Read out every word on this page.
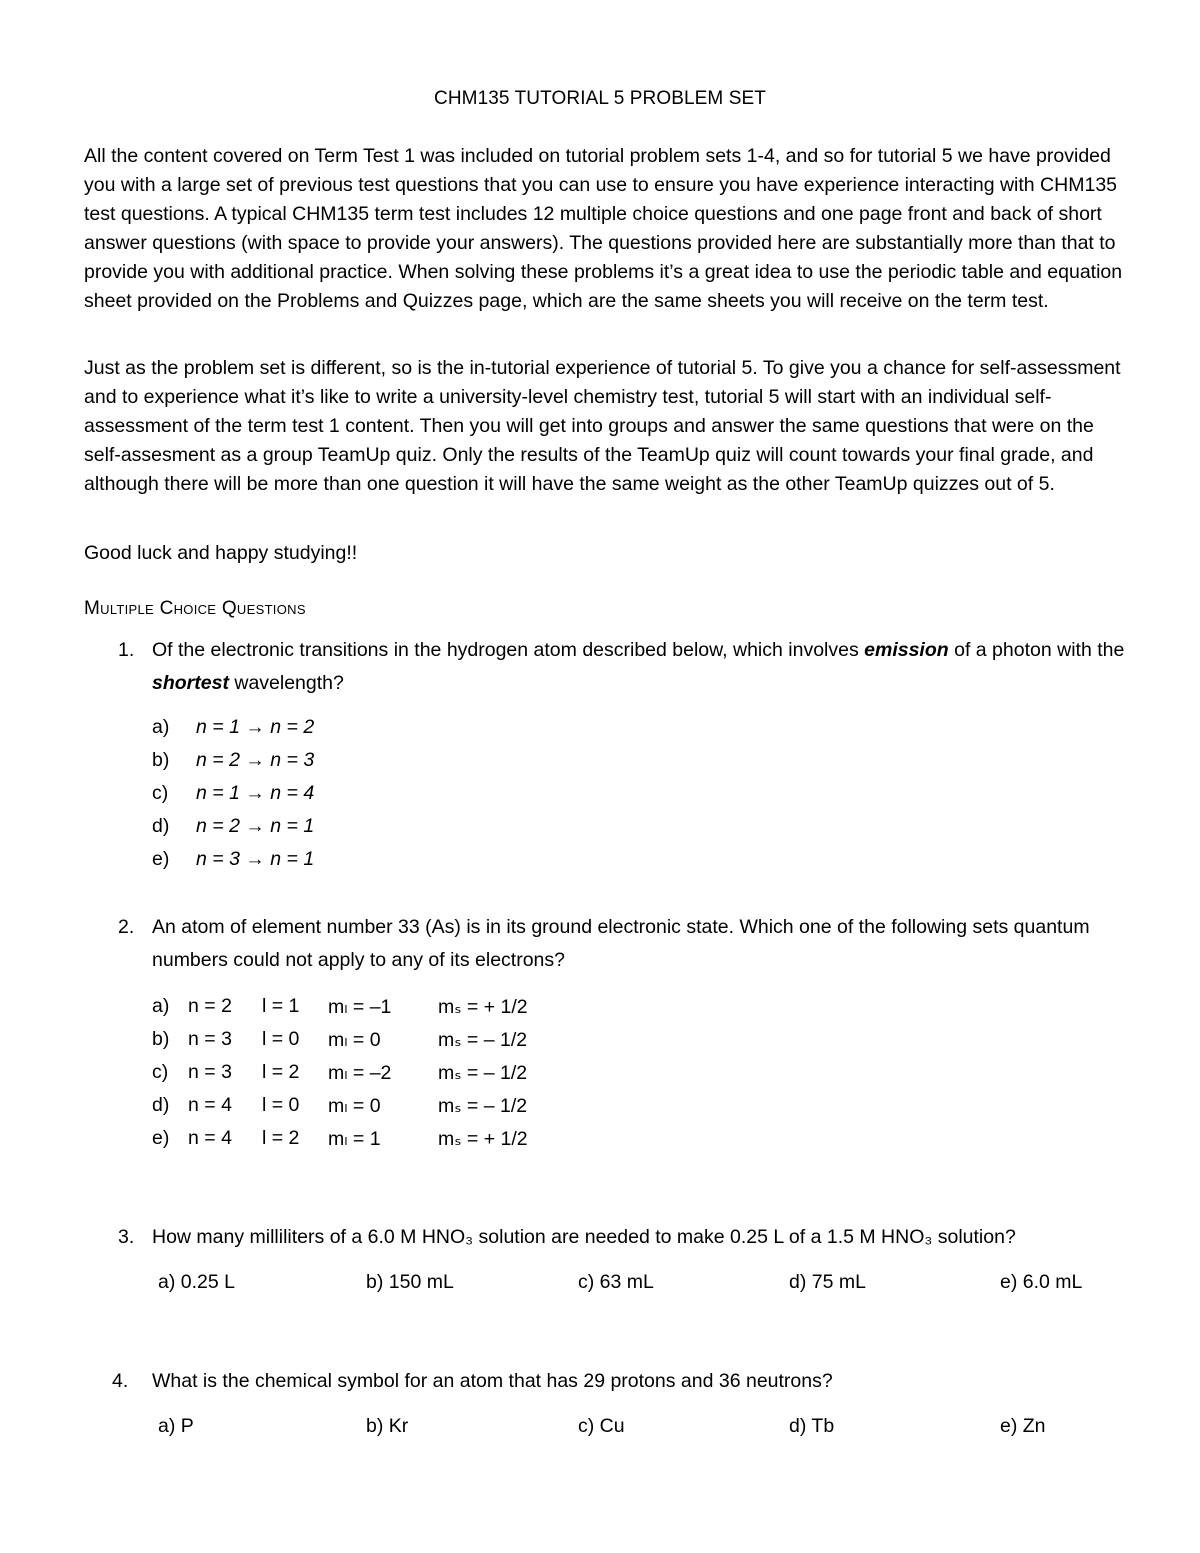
CHM135 TUTORIAL 5 PROBLEM SET

All the content covered on Term Test 1 was included on tutorial problem sets 1-4, and so for tutorial 5 we have provided you with a large set of previous test questions that you can use to ensure you have experience interacting with CHM135 test questions. A typical CHM135 term test includes 12 multiple choice questions and one page front and back of short answer questions (with space to provide your answers). The questions provided here are substantially more than that to provide you with additional practice. When solving these problems it’s a great idea to use the periodic table and equation sheet provided on the Problems and Quizzes page, which are the same sheets you will receive on the term test.

Just as the problem set is different, so is the in-tutorial experience of tutorial 5. To give you a chance for self-assessment and to experience what it’s like to write a university-level chemistry test, tutorial 5 will start with an individual self-assessment of the term test 1 content. Then you will get into groups and answer the same questions that were on the self-assesment as a group TeamUp quiz. Only the results of the TeamUp quiz will count towards your final grade, and although there will be more than one question it will have the same weight as the other TeamUp quizzes out of 5.

Good luck and happy studying!!

Multiple Choice Questions
1. Of the electronic transitions in the hydrogen atom described below, which involves emission of a photon with the shortest wavelength?
a)	n = 1 → n = 2
b)	n = 2 → n = 3
c)	n = 1 → n = 4
d)	n = 2 → n = 1
e)	n = 3 → n = 1
2. An atom of element number 33 (As) is in its ground electronic state. Which one of the following sets quantum numbers could not apply to any of its electrons?
a) n = 2 l = 1 mₗ = –1 mₛ = + 1/2
b) n = 3 l = 0 mₗ = 0	mₛ = – 1/2
c) n = 3 l = 2 mₗ = –2 mₛ = – 1/2
d) n = 4 l = 0 mₗ = 0	mₛ = – 1/2
e) n = 4 l = 2 mₗ = 1	mₛ = + 1/2
3. How many milliliters of a 6.0 M HNO₃ solution are needed to make 0.25 L of a 1.5 M HNO₃ solution?
a) 0.25 L	b) 150 mL	c) 63 mL	d) 75 mL	e) 6.0 mL
4.	What is the chemical symbol for an atom that has 29 protons and 36 neutrons?
a) P	b) Kr	c) Cu	d) Tb	e) Zn
